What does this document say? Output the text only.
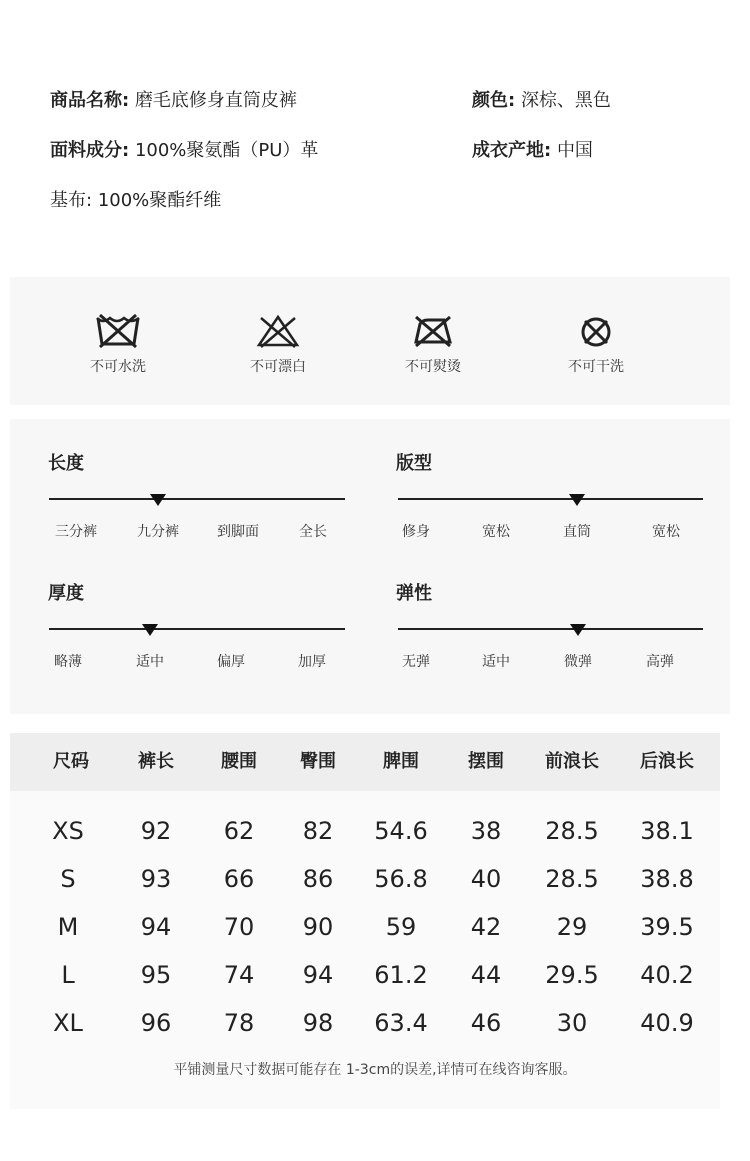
商品名称: 磨毛底修身直筒皮裤	颜色: 深棕、黑色
面料成分: 100%聚氨酯（PU）革	成衣产地: 中国
基布: 100%聚酯纤维
不可水洗	不可漂白	不可熨烫	不可干洗
长度
三分裤	九分裤	到脚面	全长
版型
修身	宽松	直筒	宽松
厚度
略薄	适中	偏厚	加厚
弹性
无弹	适中	微弹	高弹
尺码	裤长	腰围 臀围	脾围	摆围 前浪长 后浪长
XS 92 62 82 54.6 38 28.5 38.1
S	93 66 86 56.8 40 28.5 38.8
M	94 70 90 59 42 29 39.5
L	95 74 94 61.2 44 29.5 40.2
XL 96 78 98 63.4 46 30 40.9
平铺测量尺寸数据可能存在 1-3cm的误差,详情可在线咨询客服。
